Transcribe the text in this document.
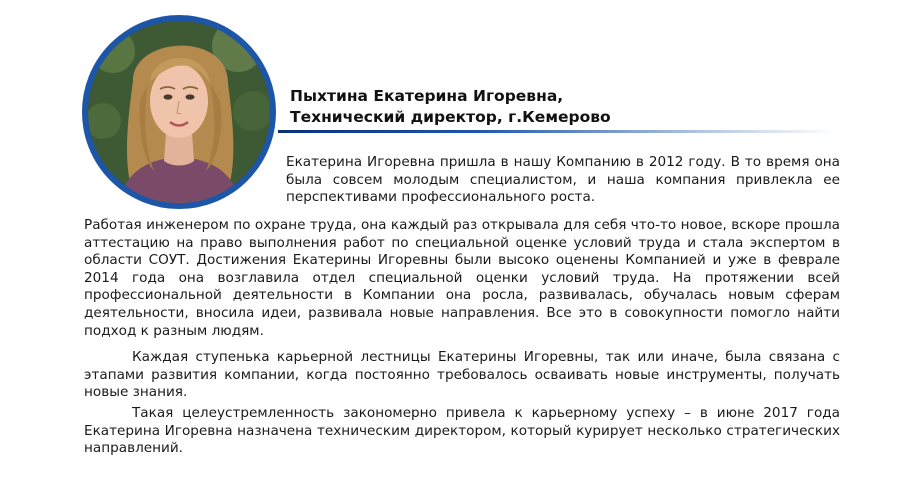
Пыхтина Екатерина Игоревна,
Технический директор, г.Кемерово

Екатерина Игоревна пришла в нашу Компанию в 2012 году. В то время она была совсем молодым специалистом, и наша компания привлекла ее перспективами профессионального роста.

Работая инженером по охране труда, она каждый раз открывала для себя что-то новое, вскоре прошла аттестацию на право выполнения работ по специальной оценке условий труда и стала экспертом в области СОУТ. Достижения Екатерины Игоревны были высоко оценены Компанией и уже в феврале 2014 года она возглавила отдел специальной оценки условий труда. На протяжении всей профессиональной деятельности в Компании она росла, развивалась, обучалась новым сферам деятельности, вносила идеи, развивала новые направления. Все это в совокупности помогло найти подход к разным людям.

Каждая ступенька карьерной лестницы Екатерины Игоревны, так или иначе, была связана с этапами развития компании, когда постоянно требовалось осваивать новые инструменты, получать новые знания.

Такая целеустремленность закономерно привела к карьерному успеху – в июне 2017 года Екатерина Игоревна назначена техническим директором, который курирует несколько стратегических направлений.
